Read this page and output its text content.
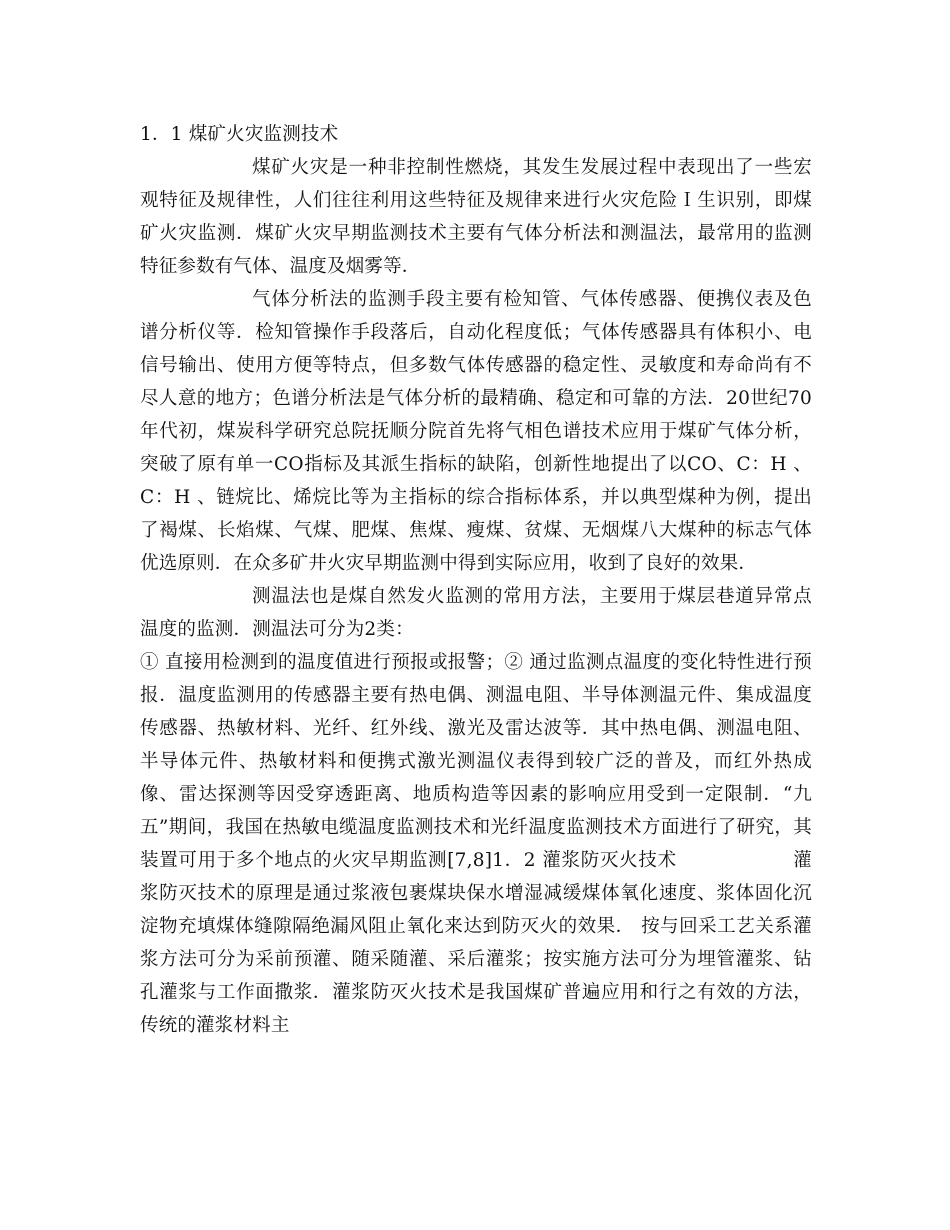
1．1 煤矿火灾监测技术

煤矿火灾是一种非控制性燃烧，其发生发展过程中表现出了一些宏观特征及规律性，人们往往利用这些特征及规律来进行火灾危险Ｉ生识别，即煤矿火灾监测．煤矿火灾早期监测技术主要有气体分析法和测温法，最常用的监测特征参数有气体、温度及烟雾等．

气体分析法的监测手段主要有检知管、气体传感器、便携仪表及色谱分析仪等．检知管操作手段落后，自动化程度低；气体传感器具有体积小、电信号输出、使用方便等特点，但多数气体传感器的稳定性、灵敏度和寿命尚有不尽人意的地方；色谱分析法是气体分析的最精确、稳定和可靠的方法．20世纪70年代初，煤炭科学研究总院抚顺分院首先将气相色谱技术应用于煤矿气体分析，突破了原有单一CO指标及其派生指标的缺陷，创新性地提出了以CO、C：H 、C：H 、链烷比、烯烷比等为主指标的综合指标体系，并以典型煤种为例，提出了褐煤、长焰煤、气煤、肥煤、焦煤、瘦煤、贫煤、无烟煤八大煤种的标志气体优选原则．在众多矿井火灾早期监测中得到实际应用，收到了良好的效果．

测温法也是煤自然发火监测的常用方法，主要用于煤层巷道异常点温度的监测．测温法可分为2类：

① 直接用检测到的温度值进行预报或报警；② 通过监测点温度的变化特性进行预报．温度监测用的传感器主要有热电偶、测温电阻、半导体测温元件、集成温度传感器、热敏材料、光纤、红外线、激光及雷达波等．其中热电偶、测温电阻、半导体元件、热敏材料和便携式激光测温仪表得到较广泛的普及，而红外热成像、雷达探测等因受穿透距离、地质构造等因素的影响应用受到一定限制．“九五”期间，我国在热敏电缆温度监测技术和光纤温度监测技术方面进行了研究，其装置可用于多个地点的火灾早期监测[7,8]1．2 灌浆防灭火技术	灌浆防灭技术的原理是通过浆液包裹煤块保水增湿减缓煤体氧化速度、浆体固化沉淀物充填煤体缝隙隔绝漏风阻止氧化来达到防灭火的效果． 按与回采工艺关系灌浆方法可分为采前预灌、随采随灌、采后灌浆；按实施方法可分为埋管灌浆、钻孔灌浆与工作面撒浆．灌浆防灭火技术是我国煤矿普遍应用和行之有效的方法，传统的灌浆材料主
